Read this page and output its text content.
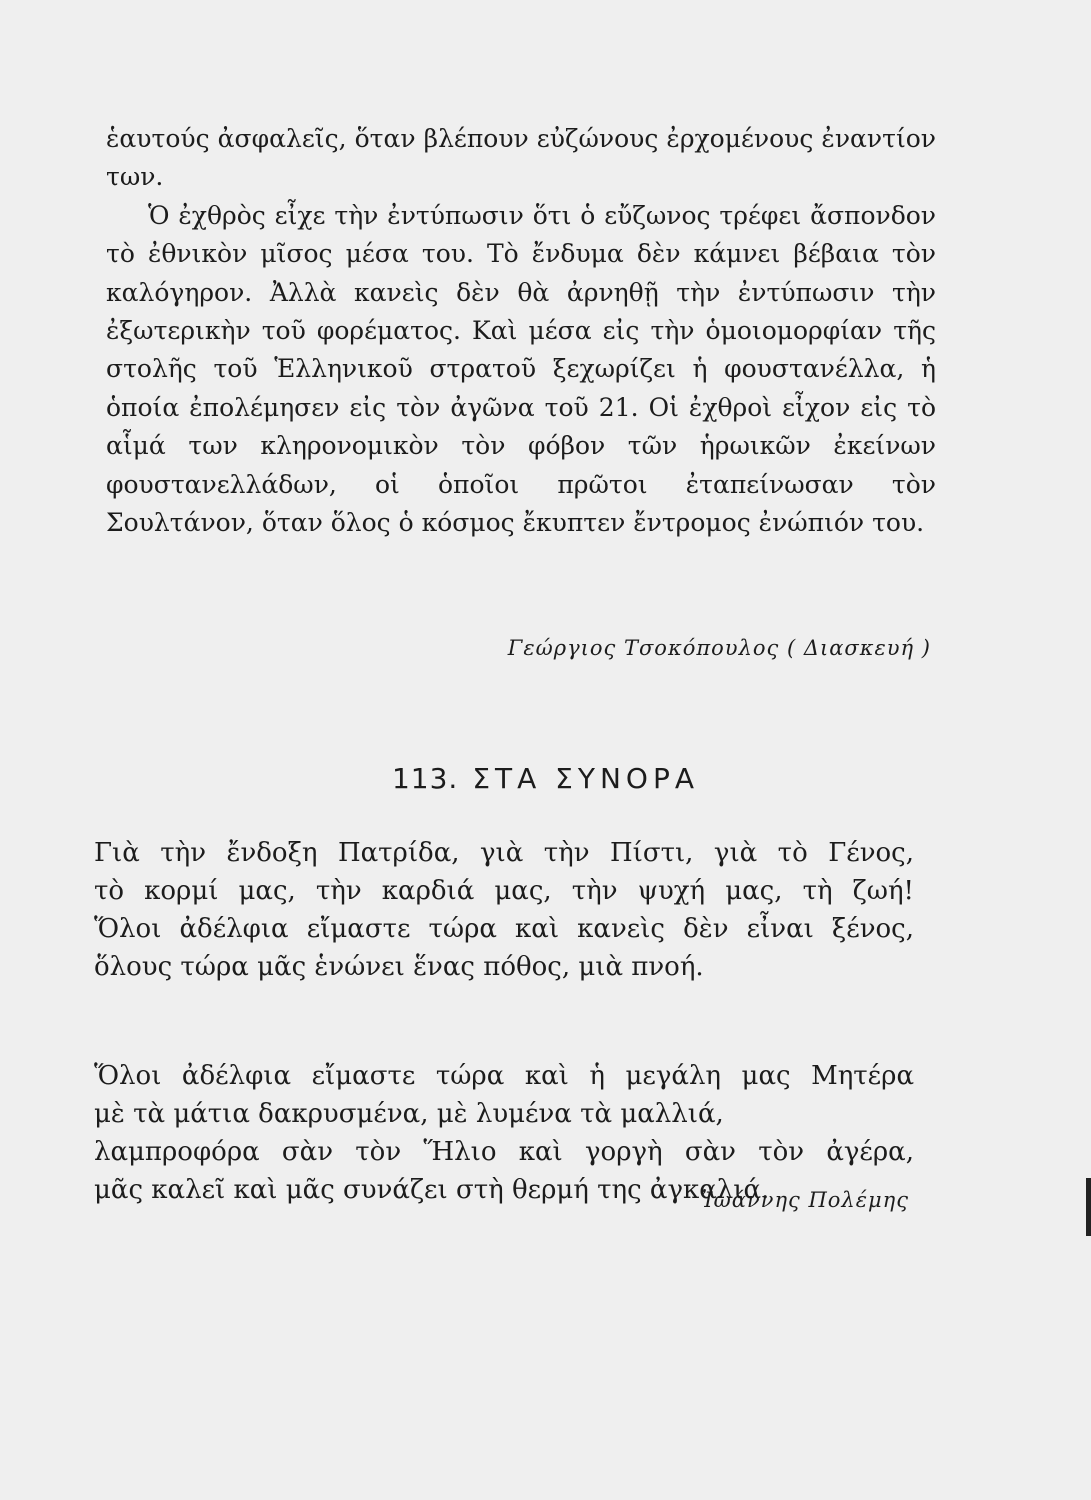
ἑαυτούς ἀσφαλεῖς, ὅταν βλέπουν εὐζώνους ἐρχομένους ἐναντίον των.

Ὁ ἐχθρὸς εἶχε τὴν ἐντύπωσιν ὅτι ὁ εὔζωνος τρέφει ἄσπονδον τὸ ἐθνικὸν μῖσος μέσα του. Τὸ ἔνδυμα δὲν κάμνει βέβαια τὸν καλόγηρον. Ἀλλὰ κανεὶς δὲν θὰ ἀρνηθῇ τὴν ἐντύπωσιν τὴν ἐξωτερικὴν τοῦ φορέματος. Καὶ μέσα εἰς τὴν ὁμοιομορφίαν τῆς στολῆς τοῦ Ἑλληνικοῦ στρατοῦ ξεχωρίζει ἡ φουστανέλλα, ἡ ὁποία ἐπολέμησεν εἰς τὸν ἀγῶνα τοῦ 21. Οἱ ἐχθροὶ εἶχον εἰς τὸ αἷμά των κληρονομικὸν τὸν φόβον τῶν ἡρωικῶν ἐκείνων φουστανελλάδων, οἱ ὁποῖοι πρῶτοι ἐταπείνωσαν τὸν Σουλτάνον, ὅταν ὅλος ὁ κόσμος ἔκυπτεν ἔντρομος ἐνώπιόν του.

Γεώργιος Τσοκόπουλος ( Διασκευή )
113. ΣΤΑ ΣΥΝΟΡΑ
Γιὰ τὴν ἔνδοξη Πατρίδα, γιὰ τὴν Πίστι, γιὰ τὸ Γένος,
τὸ κορμί μας, τὴν καρδιά μας, τὴν ψυχή μας, τὴ ζωή!
Ὅλοι ἀδέλφια εἴμαστε τώρα καὶ κανεὶς δὲν εἶναι ξένος,
ὅλους τώρα μᾶς ἑνώνει ἕνας πόθος, μιὰ πνοή.
Ὅλοι ἀδέλφια εἴμαστε τώρα καὶ ἡ μεγάλη μας Μητέρα
μὲ τὰ μάτια δακρυσμένα, μὲ λυμένα τὰ μαλλιά,
λαμπροφόρα σὰν τὸν Ἥλιο καὶ γοργὴ σὰν τὸν ἀγέρα,
μᾶς καλεῖ καὶ μᾶς συνάζει στὴ θερμή της ἀγκαλιά.
Ἰωάννης Πολέμης
